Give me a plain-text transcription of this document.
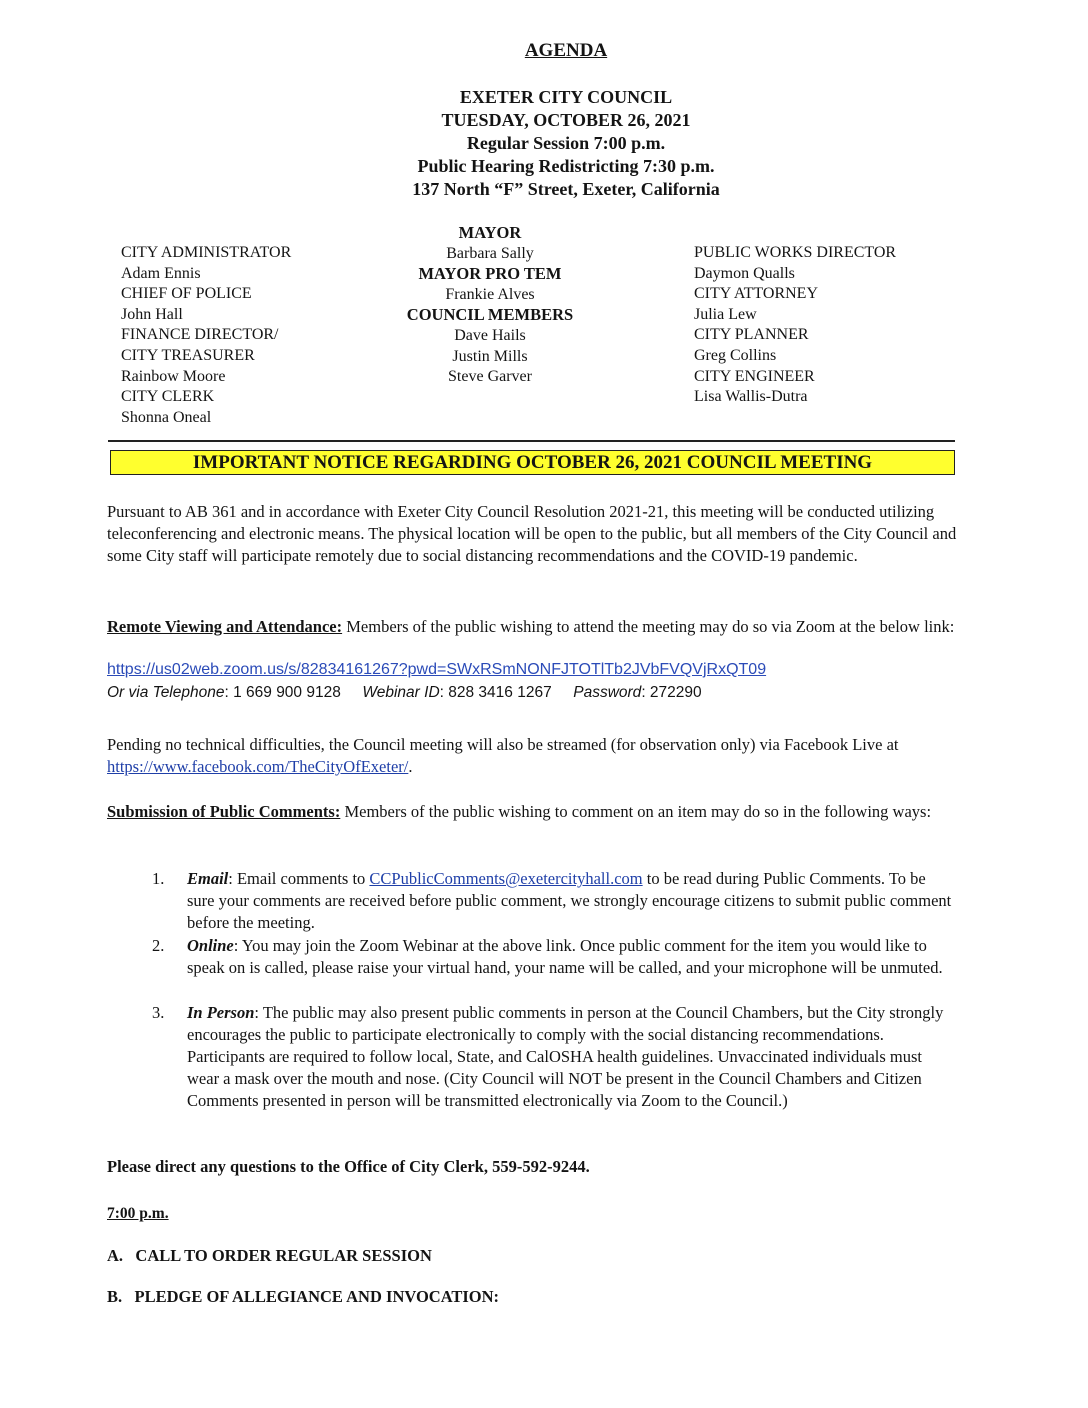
AGENDA
EXETER CITY COUNCIL
TUESDAY, OCTOBER 26, 2021
Regular Session 7:00 p.m.
Public Hearing Redistricting 7:30 p.m.
137 North “F” Street, Exeter, California
CITY ADMINISTRATOR
Adam Ennis
CHIEF OF POLICE
John Hall
FINANCE DIRECTOR/
CITY TREASURER
Rainbow Moore
CITY CLERK
Shonna Oneal
MAYOR
Barbara Sally
MAYOR PRO TEM
Frankie Alves
COUNCIL MEMBERS
Dave Hails
Justin Mills
Steve Garver
PUBLIC WORKS DIRECTOR
Daymon Qualls
CITY ATTORNEY
Julia Lew
CITY PLANNER
Greg Collins
CITY ENGINEER
Lisa Wallis-Dutra
IMPORTANT NOTICE REGARDING OCTOBER 26, 2021 COUNCIL MEETING
Pursuant to AB 361 and in accordance with Exeter City Council Resolution 2021-21, this meeting will be conducted utilizing teleconferencing and electronic means. The physical location will be open to the public, but all members of the City Council and some City staff will participate remotely due to social distancing recommendations and the COVID-19 pandemic.
Remote Viewing and Attendance: Members of the public wishing to attend the meeting may do so via Zoom at the below link:
https://us02web.zoom.us/s/82834161267?pwd=SWxRSmNONFJTOTlTb2JVbFVQVjRxQT09
Or via Telephone: 1 669 900 9128 Webinar ID: 828 3416 1267 Password: 272290
Pending no technical difficulties, the Council meeting will also be streamed (for observation only) via Facebook Live at https://www.facebook.com/TheCityOfExeter/.
Submission of Public Comments: Members of the public wishing to comment on an item may do so in the following ways:
1. Email: Email comments to CCPublicComments@exetercityhall.com to be read during Public Comments. To be sure your comments are received before public comment, we strongly encourage citizens to submit public comment before the meeting.
2. Online: You may join the Zoom Webinar at the above link. Once public comment for the item you would like to speak on is called, please raise your virtual hand, your name will be called, and your microphone will be unmuted.
3. In Person: The public may also present public comments in person at the Council Chambers, but the City strongly encourages the public to participate electronically to comply with the social distancing recommendations. Participants are required to follow local, State, and CalOSHA health guidelines. Unvaccinated individuals must wear a mask over the mouth and nose. (City Council will NOT be present in the Council Chambers and Citizen Comments presented in person will be transmitted electronically via Zoom to the Council.)
Please direct any questions to the Office of City Clerk, 559-592-9244.
7:00 p.m.
A.   CALL TO ORDER REGULAR SESSION
B.   PLEDGE OF ALLEGIANCE AND INVOCATION:
